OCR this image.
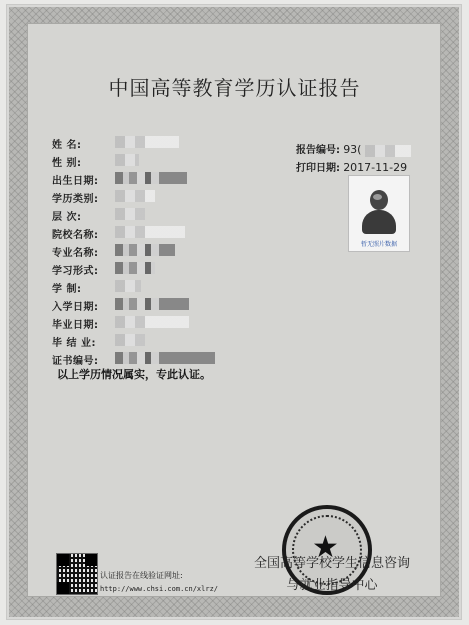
中国高等教育学历认证报告
姓 名:
性 别:
出生日期:
学历类别:
层 次:
院校名称:
专业名称:
学习形式:
学 制:
入学日期:
毕业日期:
毕 结 业:
证书编号:
以上学历情况属实，专此认证。
报告编号: 93(
打印日期: 2017-11-29
暂无照片数据
认证报告在线验证网址:
http://www.chsi.com.cn/xlrz/
★
全国高等学校学生信息咨询
与就业指导中心
